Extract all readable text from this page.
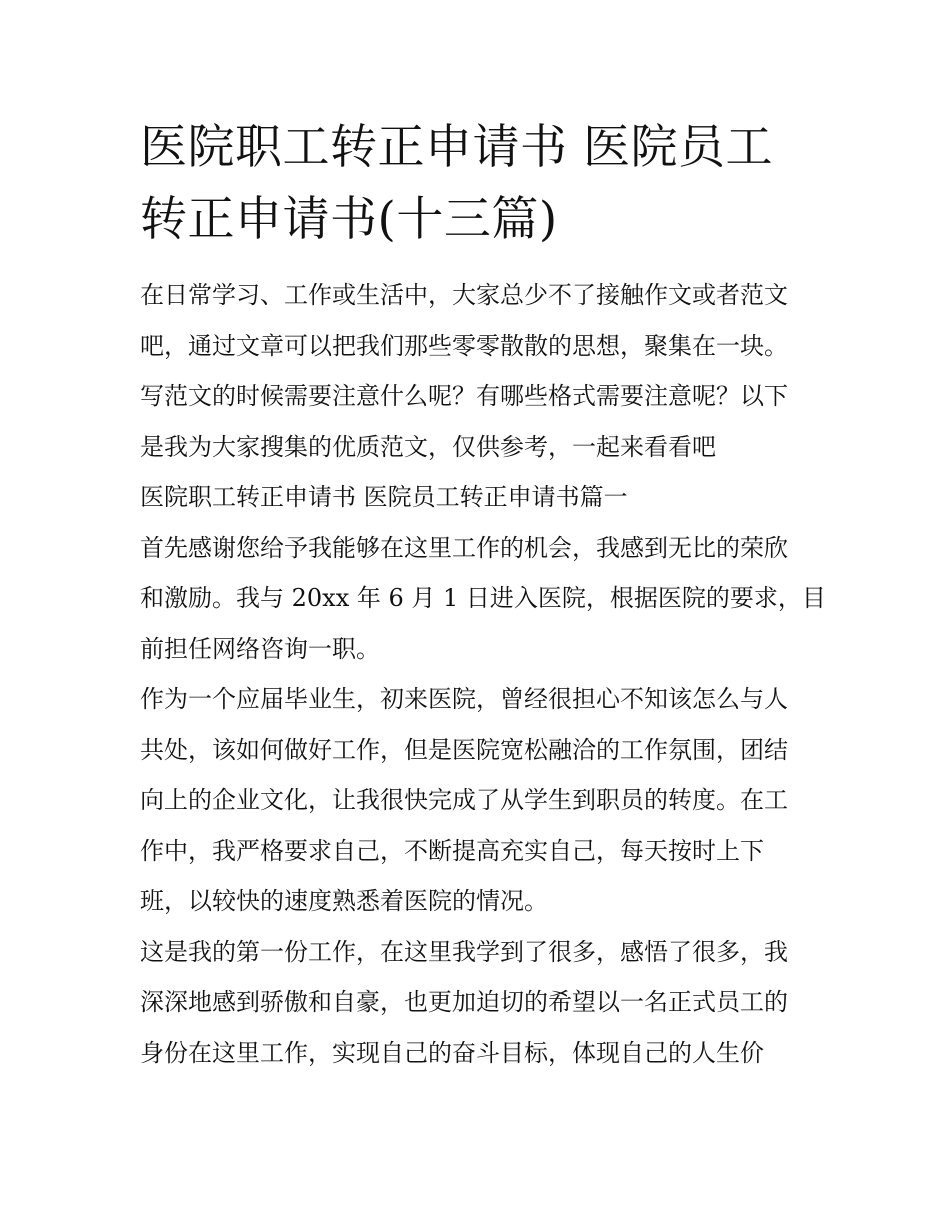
医院职工转正申请书 医院员工
转正申请书(十三篇)

在日常学习、工作或生活中，大家总少不了接触作文或者范文
吧，通过文章可以把我们那些零零散散的思想，聚集在一块。
写范文的时候需要注意什么呢？有哪些格式需要注意呢？以下
是我为大家搜集的优质范文，仅供参考，一起来看看吧

医院职工转正申请书 医院员工转正申请书篇一

首先感谢您给予我能够在这里工作的机会，我感到无比的荣欣
和激励。我与 20xx 年 6 月 1 日进入医院，根据医院的要求，目
前担任网络咨询一职。

作为一个应届毕业生，初来医院，曾经很担心不知该怎么与人
共处，该如何做好工作，但是医院宽松融洽的工作氛围，团结
向上的企业文化，让我很快完成了从学生到职员的转度。在工
作中，我严格要求自己，不断提高充实自己，每天按时上下
班，以较快的速度熟悉着医院的情况。

这是我的第一份工作，在这里我学到了很多，感悟了很多，我
深深地感到骄傲和自豪，也更加迫切的希望以一名正式员工的
身份在这里工作，实现自己的奋斗目标，体现自己的人生价
